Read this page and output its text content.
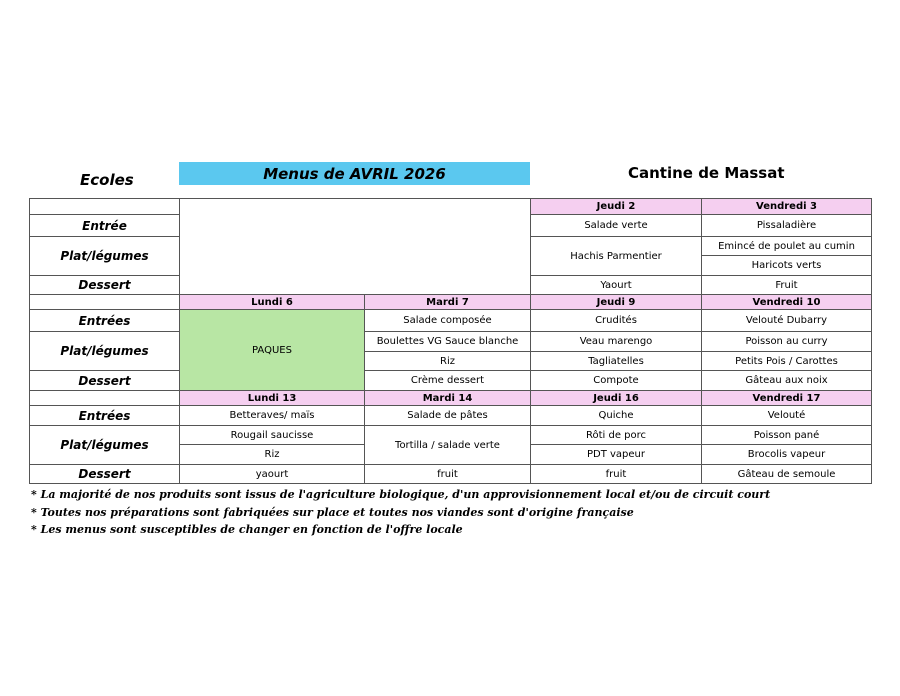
Ecoles	Menus de AVRIL 2026	Cantine de Massat
			Jeudi 2	Vendredi 3
Entrée			Salade verte	Pissaladière
Plat/légumes			Hachis Parmentier	Emincé de poulet au cumin
				Haricots verts
Dessert			Yaourt	Fruit
	Lundi 6	Mardi 7	Jeudi 9	Vendredi 10
Entrées	PAQUES	Salade composée	Crudités	Velouté Dubarry
Plat/légumes		Boulettes VG Sauce blanche	Veau marengo	Poisson au curry
		Riz	Tagliatelles	Petits Pois / Carottes
Dessert		Crème dessert	Compote	Gâteau aux noix
	Lundi 13	Mardi 14	Jeudi 16	Vendredi 17
Entrées	Betteraves/ maïs	Salade de pâtes	Quiche	Velouté
Plat/légumes	Rougail saucisse	Tortilla / salade verte	Rôti de porc	Poisson pané
	Riz		PDT vapeur	Brocolis vapeur
Dessert	yaourt	fruit	fruit	Gâteau de semoule
* La majorité de nos produits sont issus de l'agriculture biologique, d'un approvisionnement local et/ou de circuit court
* Toutes nos préparations sont fabriquées sur place et toutes nos viandes sont d'origine française
* Les menus sont susceptibles de changer en fonction de l'offre locale
